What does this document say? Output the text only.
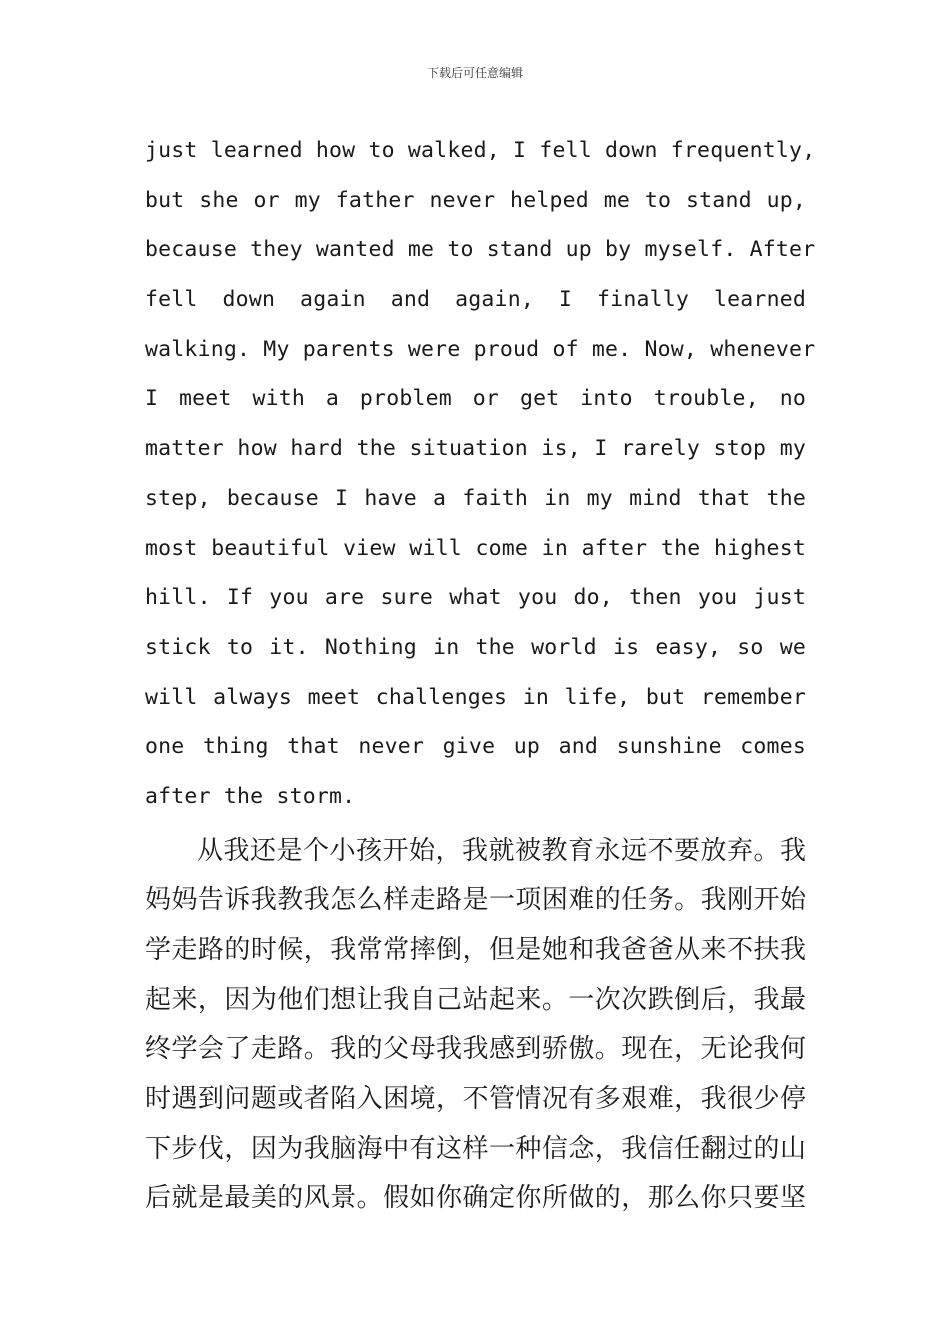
下载后可任意编辑
just learned how to walked, I fell down frequently,
but she or my father never helped me to stand up,
because they wanted me to stand up by myself. After
fell down again and again, I finally learned
walking. My parents were proud of me. Now, whenever
I meet with a problem or get into trouble, no
matter how hard the situation is, I rarely stop my
step, because I have a faith in my mind that the
most beautiful view will come in after the highest
hill. If you are sure what you do, then you just
stick to it. Nothing in the world is easy, so we
will always meet challenges in life, but remember
one thing that never give up and sunshine comes
after the storm.
从我还是个小孩开始，我就被教育永远不要放弃。我
妈妈告诉我教我怎么样走路是一项困难的任务。我刚开始
学走路的时候，我常常摔倒，但是她和我爸爸从来不扶我
起来，因为他们想让我自己站起来。一次次跌倒后，我最
终学会了走路。我的父母我我感到骄傲。现在，无论我何
时遇到问题或者陷入困境，不管情况有多艰难，我很少停
下步伐，因为我脑海中有这样一种信念，我信任翻过的山
后就是最美的风景。假如你确定你所做的，那么你只要坚
